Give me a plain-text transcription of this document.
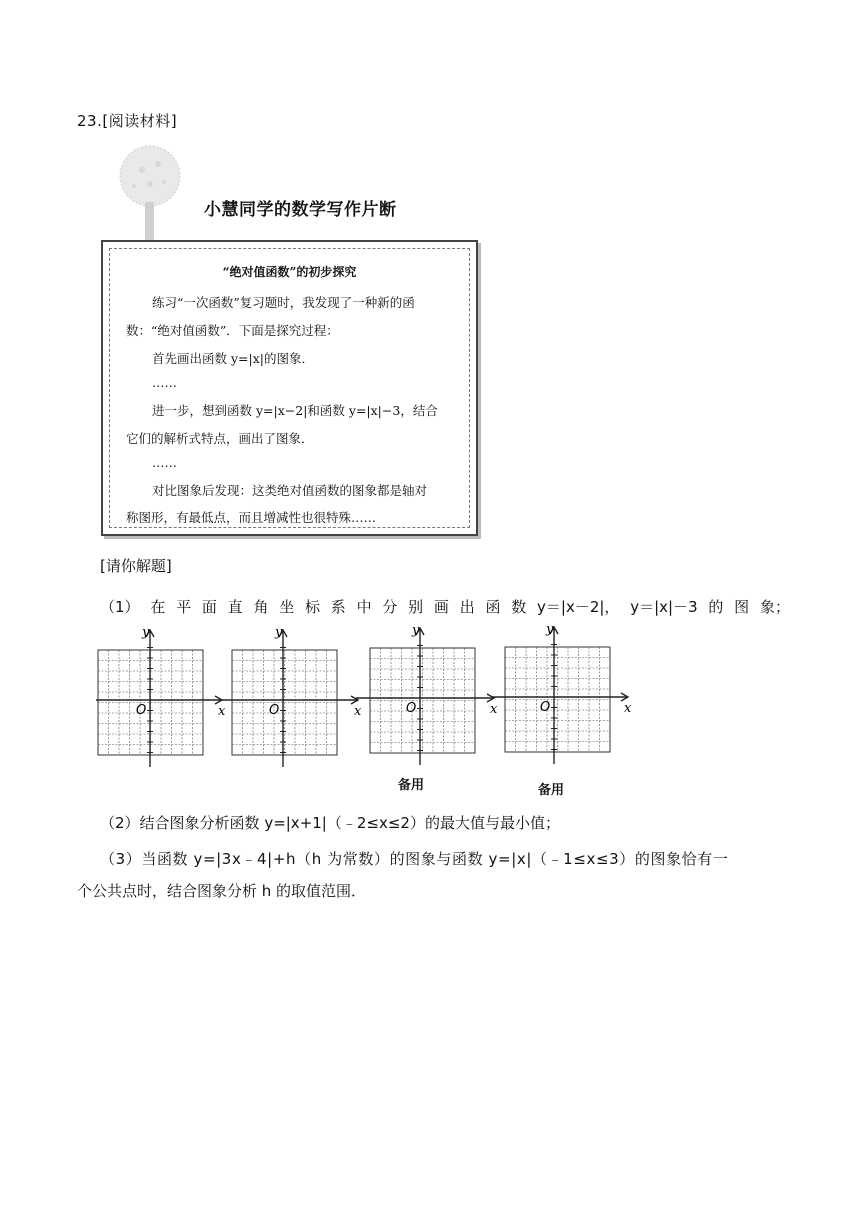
23.[阅读材料]
小慧同学的数学写作片断
“绝对值函数”的初步探究
练习“一次函数”复习题时，我发现了一种新的函
数：“绝对值函数”．下面是探究过程：
首先画出函数 y=|x|的图象．
……
进一步，想到函数 y=|x−2|和函数 y=|x|−3，结合
它们的解析式特点，画出了图象．
……
对比图象后发现：这类绝对值函数的图象都是轴对
称图形，有最低点，而且增减性也很特殊……
[请你解题]
（1） 在 平 面 直 角 坐 标 系 中 分 别 画 出 函 数 y＝|x－2|， y＝|x|－3 的 图 象；
y
x
O
y
x
O
y
x
O
y
x
O
备用	备用
（2）结合图象分析函数 y=|x+1|（﹣2≤x≤2）的最大值与最小值；
（3）当函数 y=|3x﹣4|+h（h 为常数）的图象与函数 y=|x|（﹣1≤x≤3）的图象恰有一
个公共点时，结合图象分析 h 的取值范围．
